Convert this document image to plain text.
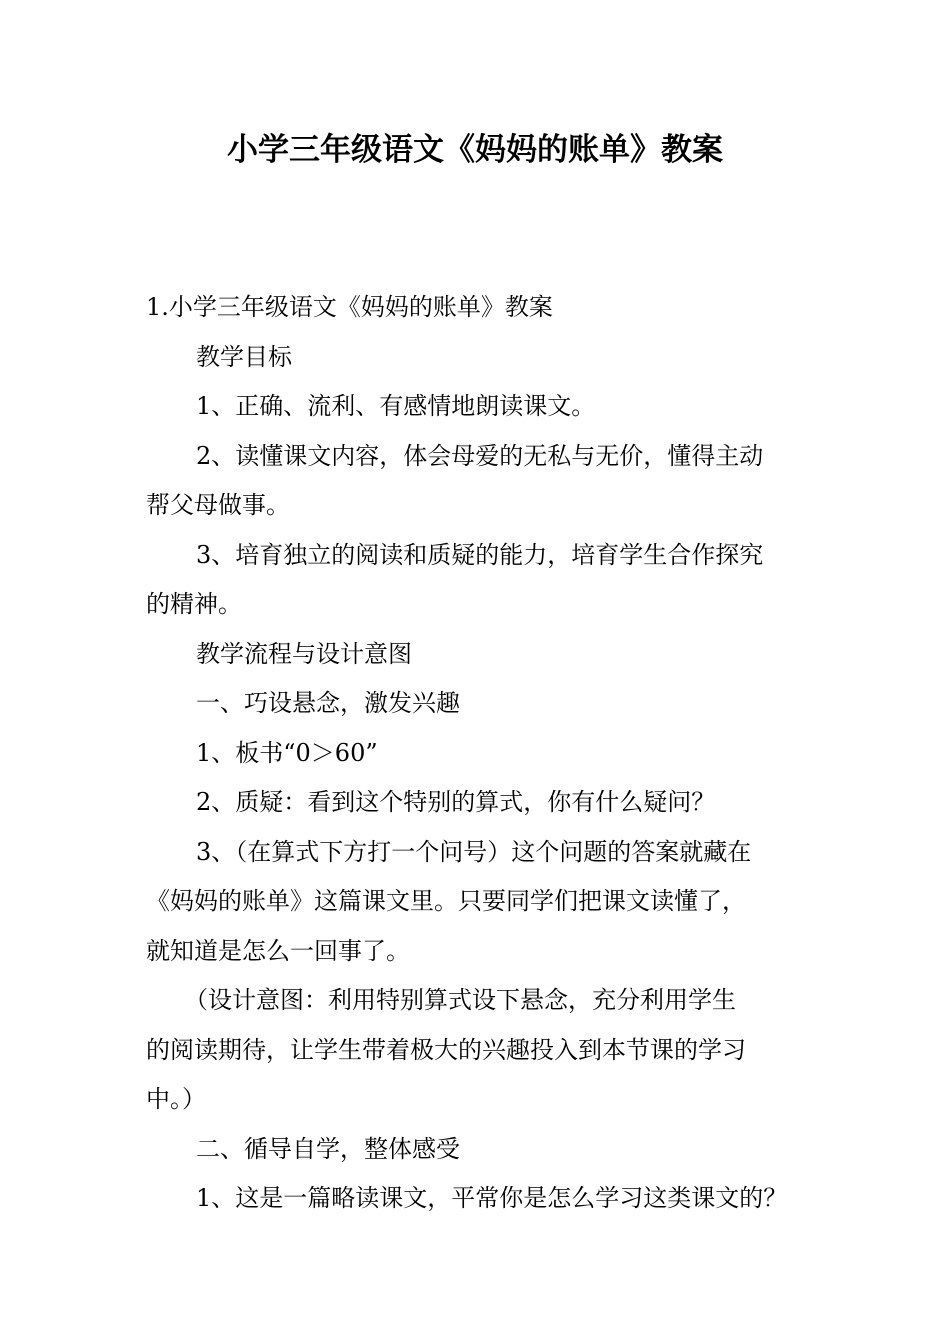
小学三年级语文《妈妈的账单》教案
1.小学三年级语文《妈妈的账单》教案
教学目标
1、正确、流利、有感情地朗读课文。
2、读懂课文内容，体会母爱的无私与无价，懂得主动
帮父母做事。
3、培育独立的阅读和质疑的能力，培育学生合作探究
的精神。
教学流程与设计意图
一、巧设悬念，激发兴趣
1、板书“0＞60”
2、质疑：看到这个特别的算式，你有什么疑问？
3、（在算式下方打一个问号）这个问题的答案就藏在
《妈妈的账单》这篇课文里。只要同学们把课文读懂了，
就知道是怎么一回事了。
（设计意图：利用特别算式设下悬念，充分利用学生
的阅读期待，让学生带着极大的兴趣投入到本节课的学习
中。）
二、循导自学，整体感受
1、这是一篇略读课文，平常你是怎么学习这类课文的？
